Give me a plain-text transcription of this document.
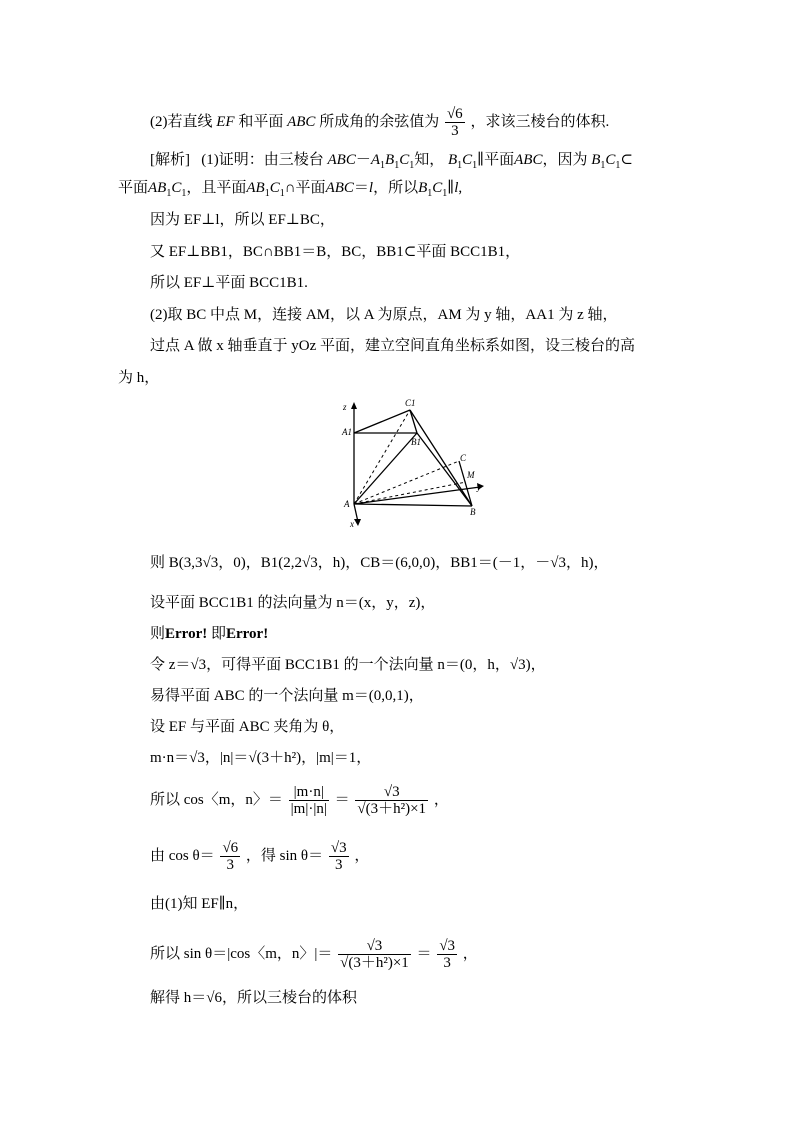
(2)若直线 EF 和平面 ABC 所成角的余弦值为 $\frac{√6}{3}$ ，求该三棱台的体积.
[解析] (1)证明：由三棱台 $ABC-A_1B_1C_1$知， $B_1C_1\parallel$平面ABC，因为 $B_1C_1\subset$
平面$AB_1C_1$，且平面$AB_1C_1\cap$平面ABC＝l，所以$B_1C_1\parallel l$,
因为 EF⊥l，所以 EF⊥BC，
又 EF⊥BB1，BC∩BB1＝B，BC，BB1⊂平面 BCC1B1，
所以 EF⊥平面 BCC1B1.
(2)取 BC 中点 M，连接 AM，以 A 为原点，AM 为 y 轴，AA1 为 z 轴，
过点 A 做 x 轴垂直于 yOz 平面，建立空间直角坐标系如图，设三棱台的高
为 h，
z	C1
A1
B1
C
M
y
A
B
x
则 B(3,3√3，0)，B1(2,2√3，h)，CB＝(6,0,0)，BB1＝(－1，－√3，h)，
设平面 BCC1B1 的法向量为 n＝(x，y，z)，
则Error! 即Error!
令 z＝√3，可得平面 BCC1B1 的一个法向量 n＝(0，h，√3)，
易得平面 ABC 的一个法向量 m＝(0,0,1)，
设 EF 与平面 ABC 夹角为 θ，
m·n＝√3，|n|＝√(3＋h²)，|m|＝1，
所以 cos〈m，n〉＝ $\frac{|m\cdot n|}{|m|\cdot|n|} = \frac{√3}{\text{√(3＋h²)×1}}$ ，
由 $\cos \theta= \frac{√6}{3}$ ，得 $\sin \theta= \frac{√3}{3}$ ，
由(1)知 EF∥n，
所以 sin θ＝|cos〈m，n〉|＝ $\frac{√3}{\text{√(3＋h²)×1}} = \frac{√3}{3}$ ，
解得 h＝√6，所以三棱台的体积
